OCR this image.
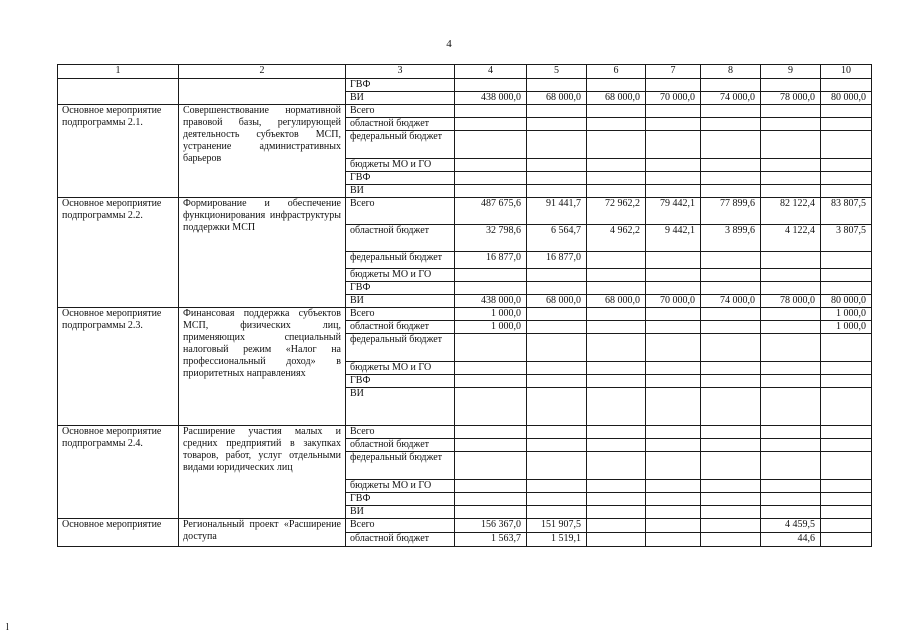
4
1	2	3	4	5	6	7	8	9	10
		ГВФ							
		ВИ	438 000,0	68 000,0	68 000,0	70 000,0	74 000,0	78 000,0	80 000,0
Основное мероприятие подпрограммы 2.1.	Совершенствование нормативной правовой базы, регулирующей деятельность субъектов МСП, устранение административных барьеров	Всего							
		областной бюджет							
		федеральный бюджет							
		бюджеты МО и ГО							
		ГВФ							
		ВИ							
Основное мероприятие подпрограммы 2.2.	Формирование и обеспечение функционирования инфраструктуры поддержки МСП	Всего	487 675,6	91 441,7	72 962,2	79 442,1	77 899,6	82 122,4	83 807,5
		областной бюджет	32 798,6	6 564,7	4 962,2	9 442,1	3 899,6	4 122,4	3 807,5
		федеральный бюджет	16 877,0	16 877,0					
		бюджеты МО и ГО							
		ГВФ							
		ВИ	438 000,0	68 000,0	68 000,0	70 000,0	74 000,0	78 000,0	80 000,0
Основное мероприятие подпрограммы 2.3.	Финансовая поддержка субъектов МСП, физических лиц, применяющих специальный налоговый режим «Налог на профессиональный доход» в приоритетных направлениях	Всего	1 000,0						1 000,0
		областной бюджет	1 000,0						1 000,0
		федеральный бюджет							
		бюджеты МО и ГО							
		ГВФ							
		ВИ							
Основное мероприятие подпрограммы 2.4.	Расширение участия малых и средних предприятий в закупках товаров, работ, услуг отдельными видами юридических лиц	Всего							
		областной бюджет							
		федеральный бюджет							
		бюджеты МО и ГО							
		ГВФ							
		ВИ							
Основное мероприятие	Региональный проект «Расширение доступа	Всего	156 367,0	151 907,5				4 459,5	
		областной бюджет	1 563,7	1 519,1				44,6	
l
